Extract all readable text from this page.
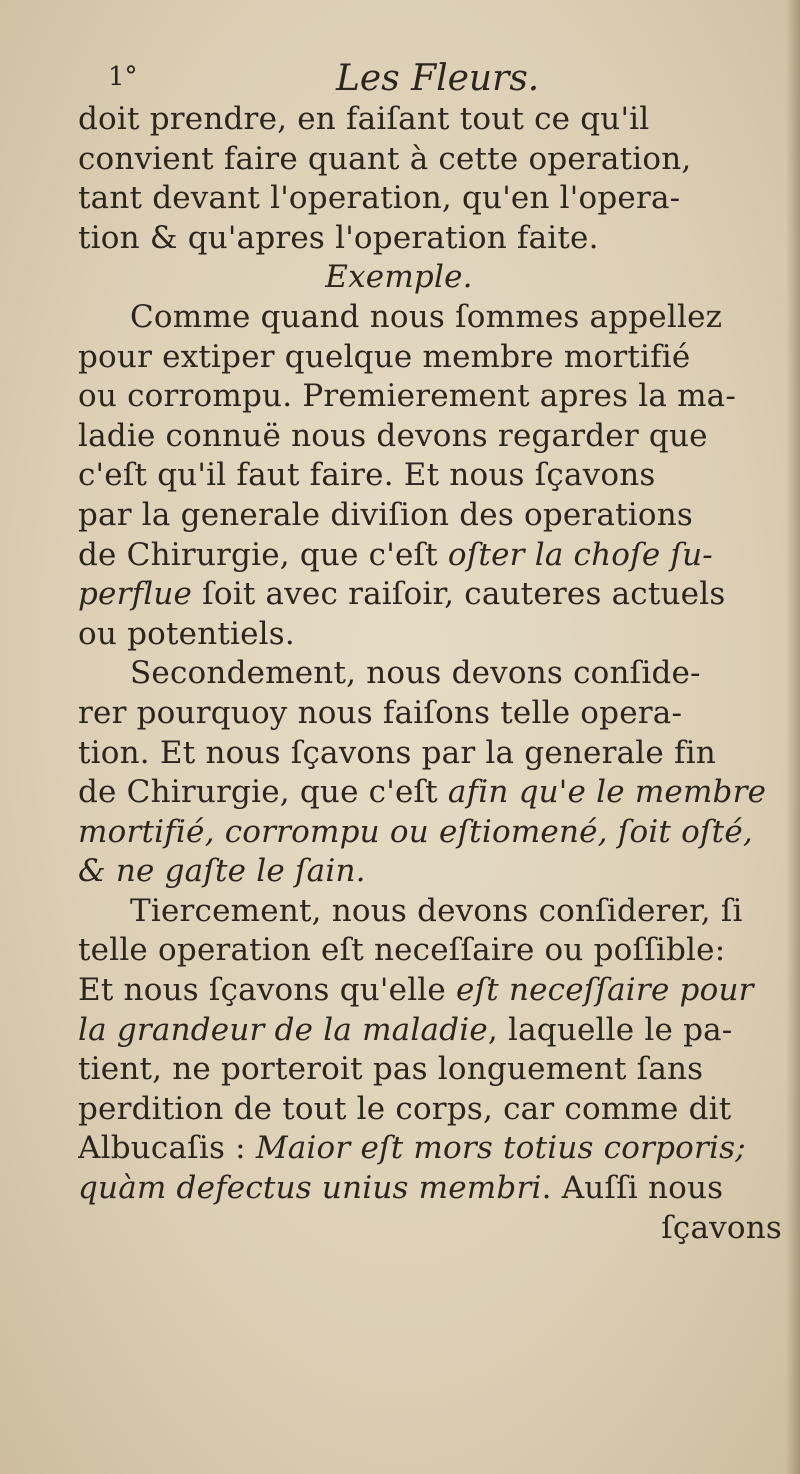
1°	Les Fleurs.
doit prendre, en faiſant tout ce qu'il
convient faire quant à cette operation,
tant devant l'operation, qu'en l'opera-
tion & qu'apres l'operation faite.
Exemple.
Comme quand nous ſommes appellez
pour extiper quelque membre mortifié
ou corrompu. Premierement apres la ma-
ladie connuë nous devons regarder que
c'eſt qu'il faut faire. Et nous ſçavons
par la generale diviſion des operations
de Chirurgie, que c'eſt oſter la choſe ſu-
perflue ſoit avec raiſoir, cauteres actuels
ou potentiels.
Secondement, nous devons conſide-
rer pourquoy nous faiſons telle opera-
tion. Et nous ſçavons par la generale fin
de Chirurgie, que c'eſt afin qu'e le membre
mortifié, corrompu ou eſtiomené, ſoit oſté,
& ne gaſte le ſain.
Tiercement, nous devons conſiderer, ſi
telle operation eſt neceſſaire ou poſſible:
Et nous ſçavons qu'elle eſt neceſſaire pour
la grandeur de la maladie, laquelle le pa-
tient, ne porteroit pas longuement ſans
perdition de tout le corps, car comme dit
Albucaſis : Maior eſt mors totius corporis;
quàm defectus unius membri. Auſſi nous
ſçavons
